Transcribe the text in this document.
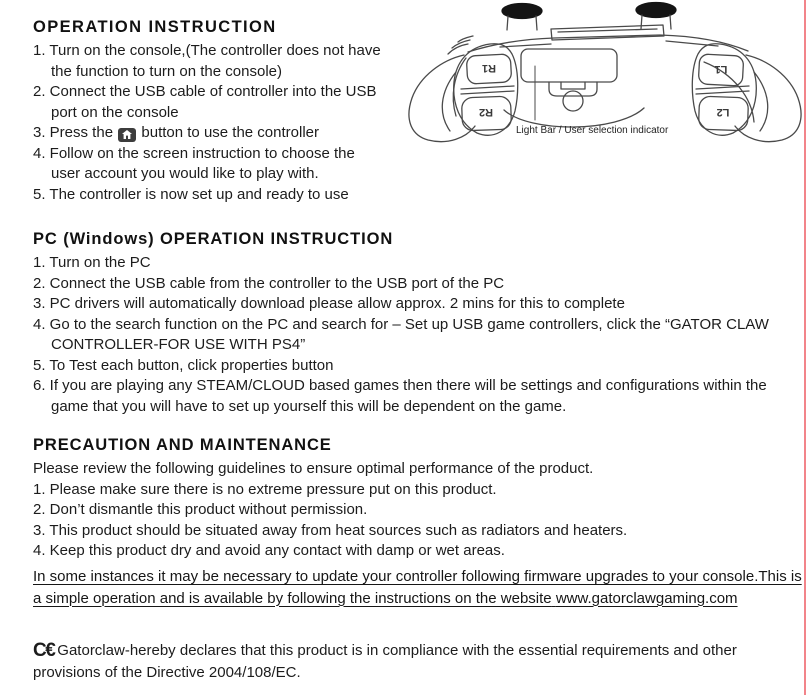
OPERATION INSTRUCTION
1. Turn on the console,(The controller does not have the function to turn on the console)
2. Connect the USB cable of controller into the USB port on the console
3. Press the button to use the controller
4. Follow on the screen instruction to choose the user account you would like to play with.
5. The controller is now set up and ready to use
R1
R2
L1
L2
Light Bar / User selection indicator
PC (Windows) OPERATION INSTRUCTION
1. Turn on the PC
2. Connect the USB cable from the controller to the USB port of the PC
3. PC drivers will automatically download please allow approx. 2 mins for this to complete
4. Go to the search function on the PC and search for – Set up USB game controllers, click the “GATOR CLAW CONTROLLER-FOR USE WITH PS4”
5. To Test each button, click properties button
6. If you are playing any STEAM/CLOUD based games then there will be settings and configurations within the game that you will have to set up yourself this will be dependent on the game.
PRECAUTION AND MAINTENANCE
Please review the following guidelines to ensure optimal performance of the product.
1. Please make sure there is no extreme pressure put on this product.
2. Don’t dismantle this product without permission.
3. This product should be situated away from heat sources such as radiators and heaters.
4. Keep this product dry and avoid any contact with damp or wet areas.

In some instances it may be necessary to update your controller following firmware upgrades to your console.This is a simple operation and is available by following the instructions on the website www.gatorclawgaming.com

C€ Gatorclaw-hereby declares that this product is in compliance with the essential requirements and other provisions of the Directive 2004/108/EC.
